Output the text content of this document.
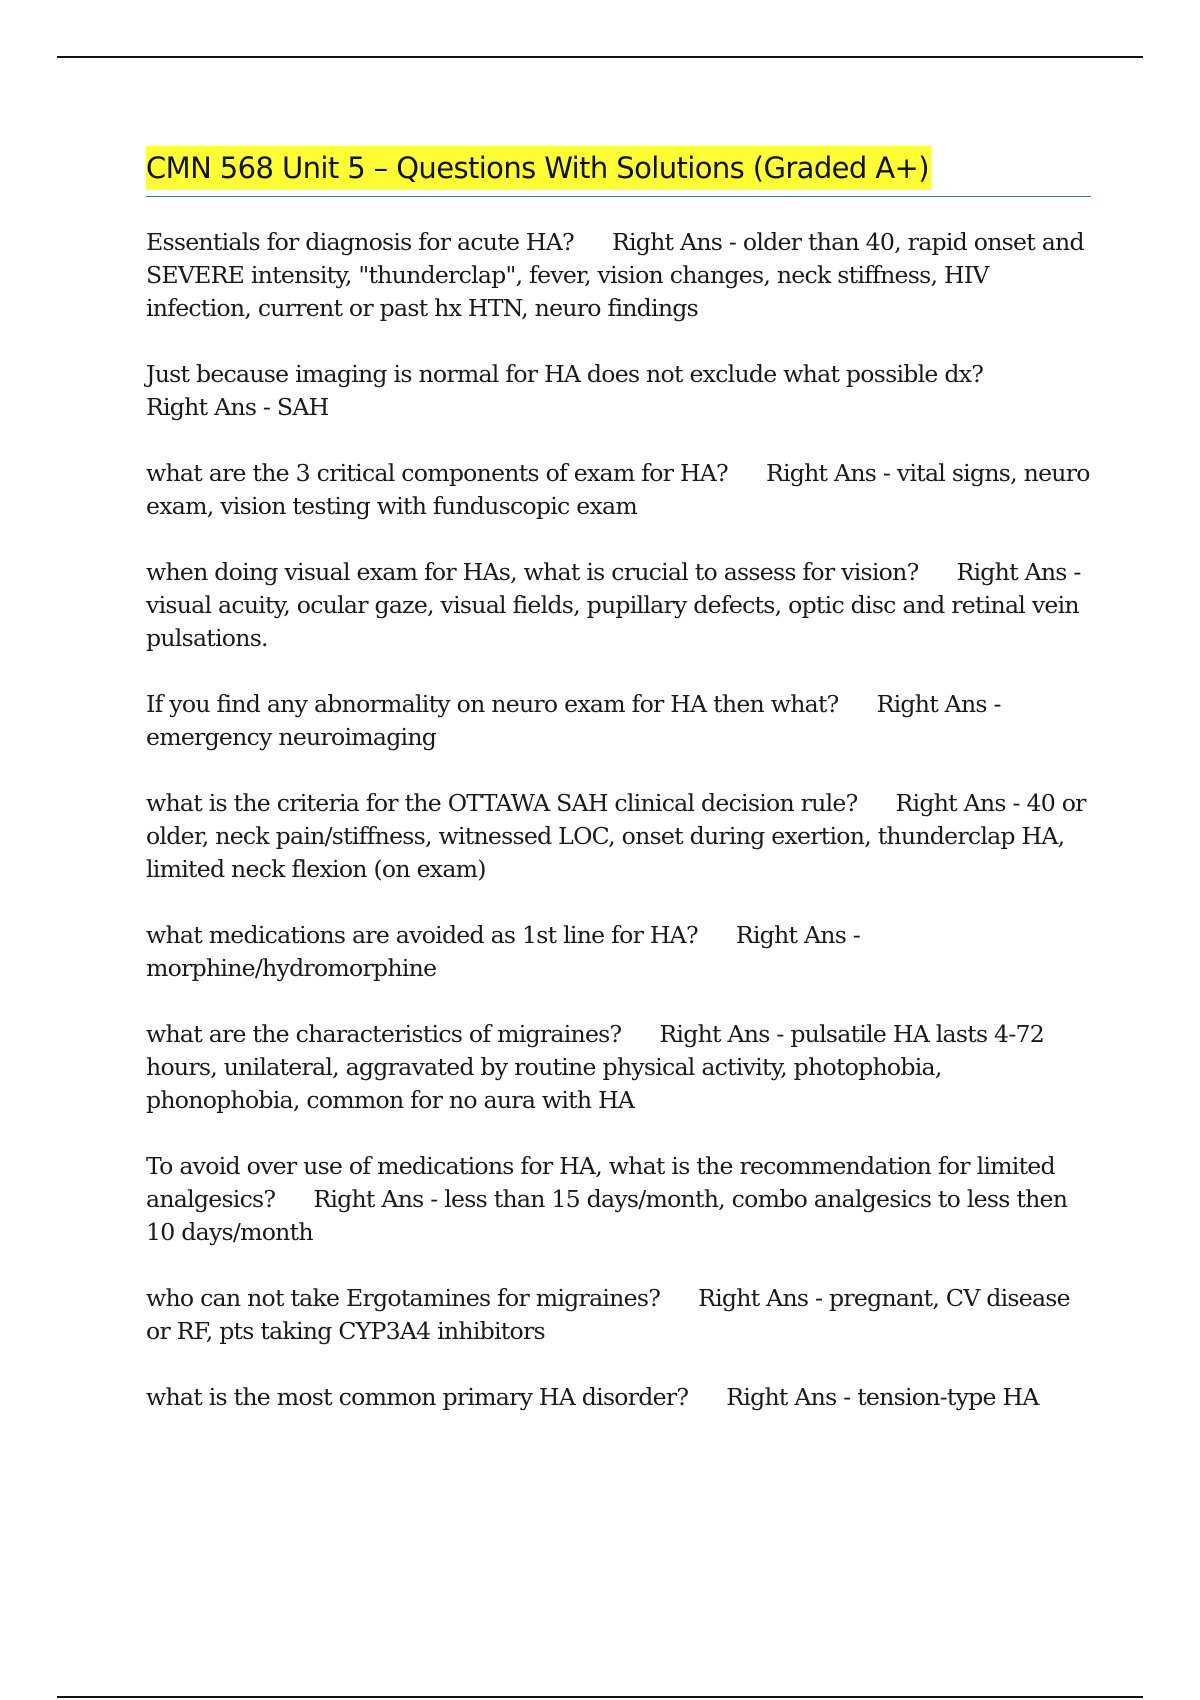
CMN 568 Unit 5 – Questions With Solutions (Graded A+)

Essentials for diagnosis for acute HA? Right Ans - older than 40, rapid onset and SEVERE intensity, "thunderclap", fever, vision changes, neck stiffness, HIV infection, current or past hx HTN, neuro findings

Just because imaging is normal for HA does not exclude what possible dx?
Right Ans - SAH

what are the 3 critical components of exam for HA? Right Ans - vital signs, neuro exam, vision testing with funduscopic exam

when doing visual exam for HAs, what is crucial to assess for vision? Right Ans - visual acuity, ocular gaze, visual fields, pupillary defects, optic disc and retinal vein pulsations.

If you find any abnormality on neuro exam for HA then what? Right Ans - emergency neuroimaging

what is the criteria for the OTTAWA SAH clinical decision rule? Right Ans - 40 or older, neck pain/stiffness, witnessed LOC, onset during exertion, thunderclap HA, limited neck flexion (on exam)

what medications are avoided as 1st line for HA? Right Ans - morphine/hydromorphine

what are the characteristics of migraines? Right Ans - pulsatile HA lasts 4-72 hours, unilateral, aggravated by routine physical activity, photophobia, phonophobia, common for no aura with HA

To avoid over use of medications for HA, what is the recommendation for limited analgesics? Right Ans - less than 15 days/month, combo analgesics to less then 10 days/month

who can not take Ergotamines for migraines? Right Ans - pregnant, CV disease or RF, pts taking CYP3A4 inhibitors

what is the most common primary HA disorder? Right Ans - tension-type HA
